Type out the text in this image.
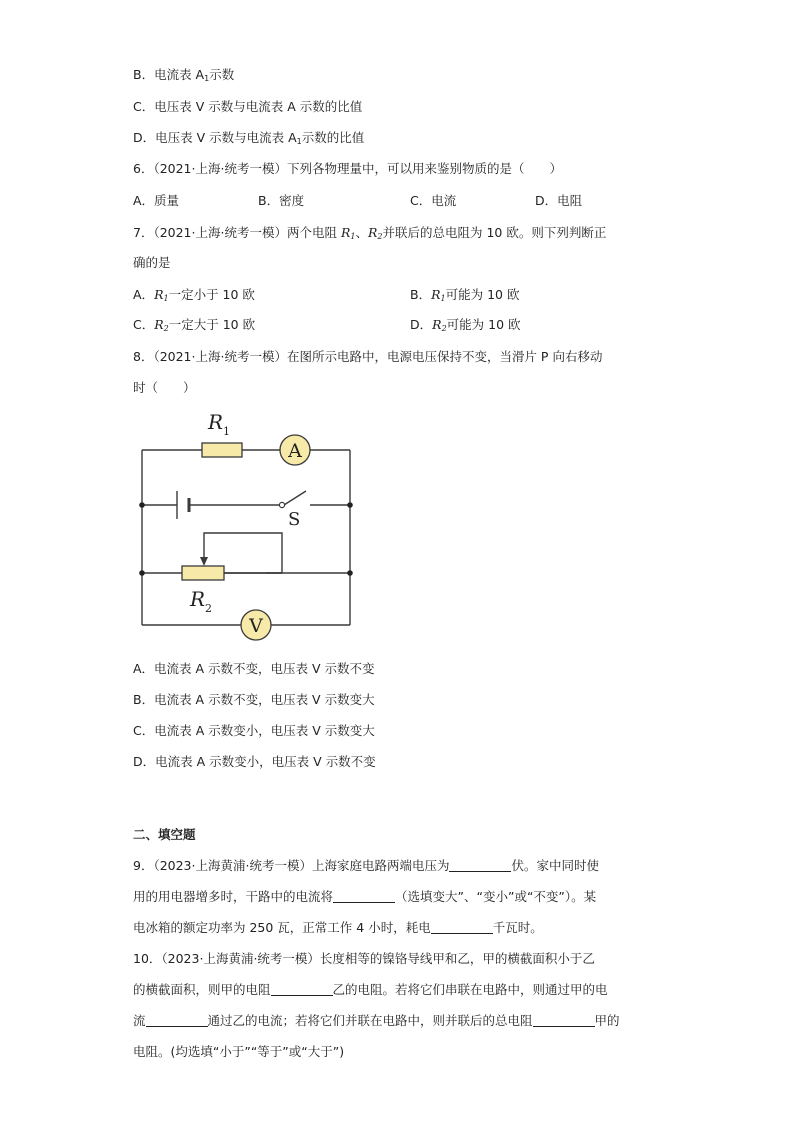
B．电流表 $A_1$示数
C．电压表 V 示数与电流表 A 示数的比值
D．电压表 V 示数与电流表 $A_1$示数的比值
6．（2021·上海·统考一模）下列各物理量中，可以用来鉴别物质的是（　　）
A．质量	B．密度	C．电流	D．电阻
7．（2021·上海·统考一模）两个电阻 $R_1$、$R_2$并联后的总电阻为 10 欧。则下列判断正
确的是
A．$R_1$一定小于 10 欧	B．$R_1$可能为 10 欧
C．$R_2$一定大于 10 欧	D．$R_2$可能为 10 欧
8．（2021·上海·统考一模）在图所示电路中，电源电压保持不变，当滑片 P 向右移动
时（　　）
A
V
R 1
R 2
S
A．电流表 A 示数不变，电压表 V 示数不变
B．电流表 A 示数不变，电压表 V 示数变大
C．电流表 A 示数变小，电压表 V 示数变大
D．电流表 A 示数变小，电压表 V 示数不变
二、填空题
9．（2023·上海黄浦·统考一模）上海家庭电路两端电压为	伏。家中同时使
用的用电器增多时，干路中的电流将	（选填变大”、“变小”或“不变”）。某
电冰箱的额定功率为 250 瓦，正常工作 4 小时，耗电	千瓦时。
10．（2023·上海黄浦·统考一模）长度相等的镍铬导线甲和乙，甲的横截面积小于乙
的横截面积，则甲的电阻	乙的电阻。若将它们串联在电路中，则通过甲的电
流	通过乙的电流；若将它们并联在电路中，则并联后的总电阻	甲的
电阻。(均选填“小于”“等于”或“大于”)
